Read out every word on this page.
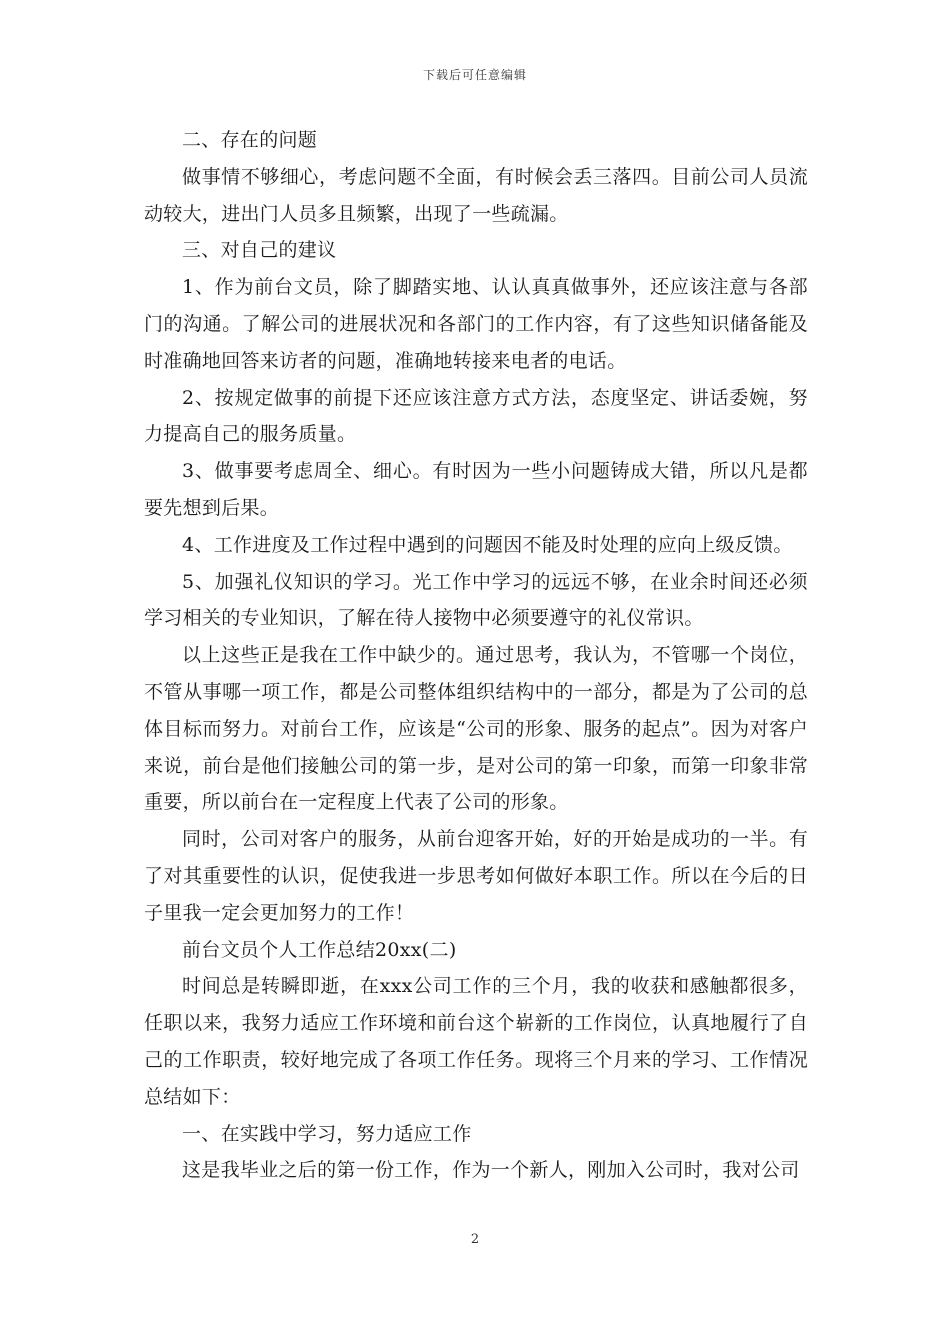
下载后可任意编辑

二、存在的问题

做事情不够细心，考虑问题不全面，有时候会丢三落四。目前公司人员流动较大，进出门人员多且频繁，出现了一些疏漏。

三、对自己的建议

1、作为前台文员，除了脚踏实地、认认真真做事外，还应该注意与各部门的沟通。了解公司的进展状况和各部门的工作内容，有了这些知识储备能及时准确地回答来访者的问题，准确地转接来电者的电话。

2、按规定做事的前提下还应该注意方式方法，态度坚定、讲话委婉，努力提高自己的服务质量。

3、做事要考虑周全、细心。有时因为一些小问题铸成大错，所以凡是都要先想到后果。

4、工作进度及工作过程中遇到的问题因不能及时处理的应向上级反馈。

5、加强礼仪知识的学习。光工作中学习的远远不够，在业余时间还必须学习相关的专业知识，了解在待人接物中必须要遵守的礼仪常识。

以上这些正是我在工作中缺少的。通过思考，我认为，不管哪一个岗位，不管从事哪一项工作，都是公司整体组织结构中的一部分，都是为了公司的总体目标而努力。对前台工作，应该是“公司的形象、服务的起点”。因为对客户来说，前台是他们接触公司的第一步，是对公司的第一印象，而第一印象非常重要，所以前台在一定程度上代表了公司的形象。

同时，公司对客户的服务，从前台迎客开始，好的开始是成功的一半。有了对其重要性的认识，促使我进一步思考如何做好本职工作。所以在今后的日子里我一定会更加努力的工作！

前台文员个人工作总结20xx(二)

时间总是转瞬即逝，在xxx公司工作的三个月，我的收获和感触都很多，任职以来，我努力适应工作环境和前台这个崭新的工作岗位，认真地履行了自己的工作职责，较好地完成了各项工作任务。现将三个月来的学习、工作情况总结如下：

一、在实践中学习，努力适应工作

这是我毕业之后的第一份工作，作为一个新人，刚加入公司时，我对公司

2
